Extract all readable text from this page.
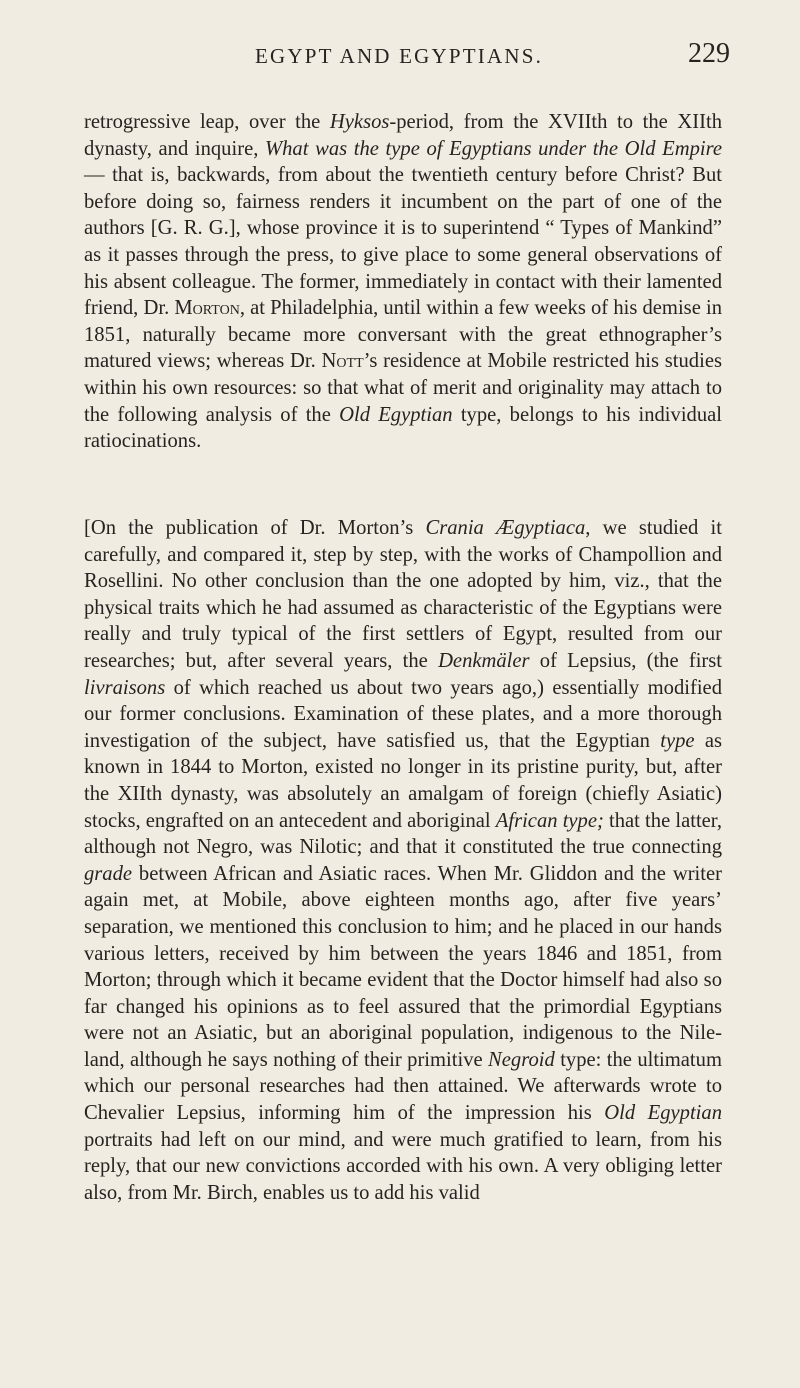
EGYPT AND EGYPTIANS.	229

retrogressive leap, over the Hyksos-period, from the XVIIth to the XIIth dynasty, and inquire, What was the type of Egyptians under the Old Empire — that is, backwards, from about the twentieth century before Christ? But before doing so, fairness renders it incumbent on the part of one of the authors [G. R. G.], whose province it is to superintend “ Types of Mankind” as it passes through the press, to give place to some general observations of his absent colleague. The former, immediately in contact with their lamented friend, Dr. Morton, at Philadelphia, until within a few weeks of his demise in 1851, naturally became more conversant with the great ethnographer’s matured views; whereas Dr. Nott’s residence at Mobile restricted his studies within his own resources: so that what of merit and originality may attach to the following analysis of the Old Egyptian type, belongs to his individual ratiocinations.

[On the publication of Dr. Morton’s Crania Ægyptiaca, we studied it carefully, and compared it, step by step, with the works of Champollion and Rosellini. No other conclusion than the one adopted by him, viz., that the physical traits which he had assumed as characteristic of the Egyptians were really and truly typical of the first settlers of Egypt, resulted from our researches; but, after several years, the Denkmäler of Lepsius, (the first livraisons of which reached us about two years ago,) essentially modified our former conclusions. Examination of these plates, and a more thorough investigation of the subject, have satisfied us, that the Egyptian type as known in 1844 to Morton, existed no longer in its pristine purity, but, after the XIIth dynasty, was absolutely an amalgam of foreign (chiefly Asiatic) stocks, engrafted on an antecedent and aboriginal African type; that the latter, although not Negro, was Nilotic; and that it constituted the true connecting grade between African and Asiatic races. When Mr. Gliddon and the writer again met, at Mobile, above eighteen months ago, after five years’ separation, we mentioned this conclusion to him; and he placed in our hands various letters, received by him between the years 1846 and 1851, from Morton; through which it became evident that the Doctor himself had also so far changed his opinions as to feel assured that the primordial Egyptians were not an Asiatic, but an aboriginal population, indigenous to the Nile-land, although he says nothing of their primitive Negroid type: the ultimatum which our personal researches had then attained. We afterwards wrote to Chevalier Lepsius, informing him of the impression his Old Egyptian portraits had left on our mind, and were much gratified to learn, from his reply, that our new convictions accorded with his own. A very obliging letter also, from Mr. Birch, enables us to add his valid
